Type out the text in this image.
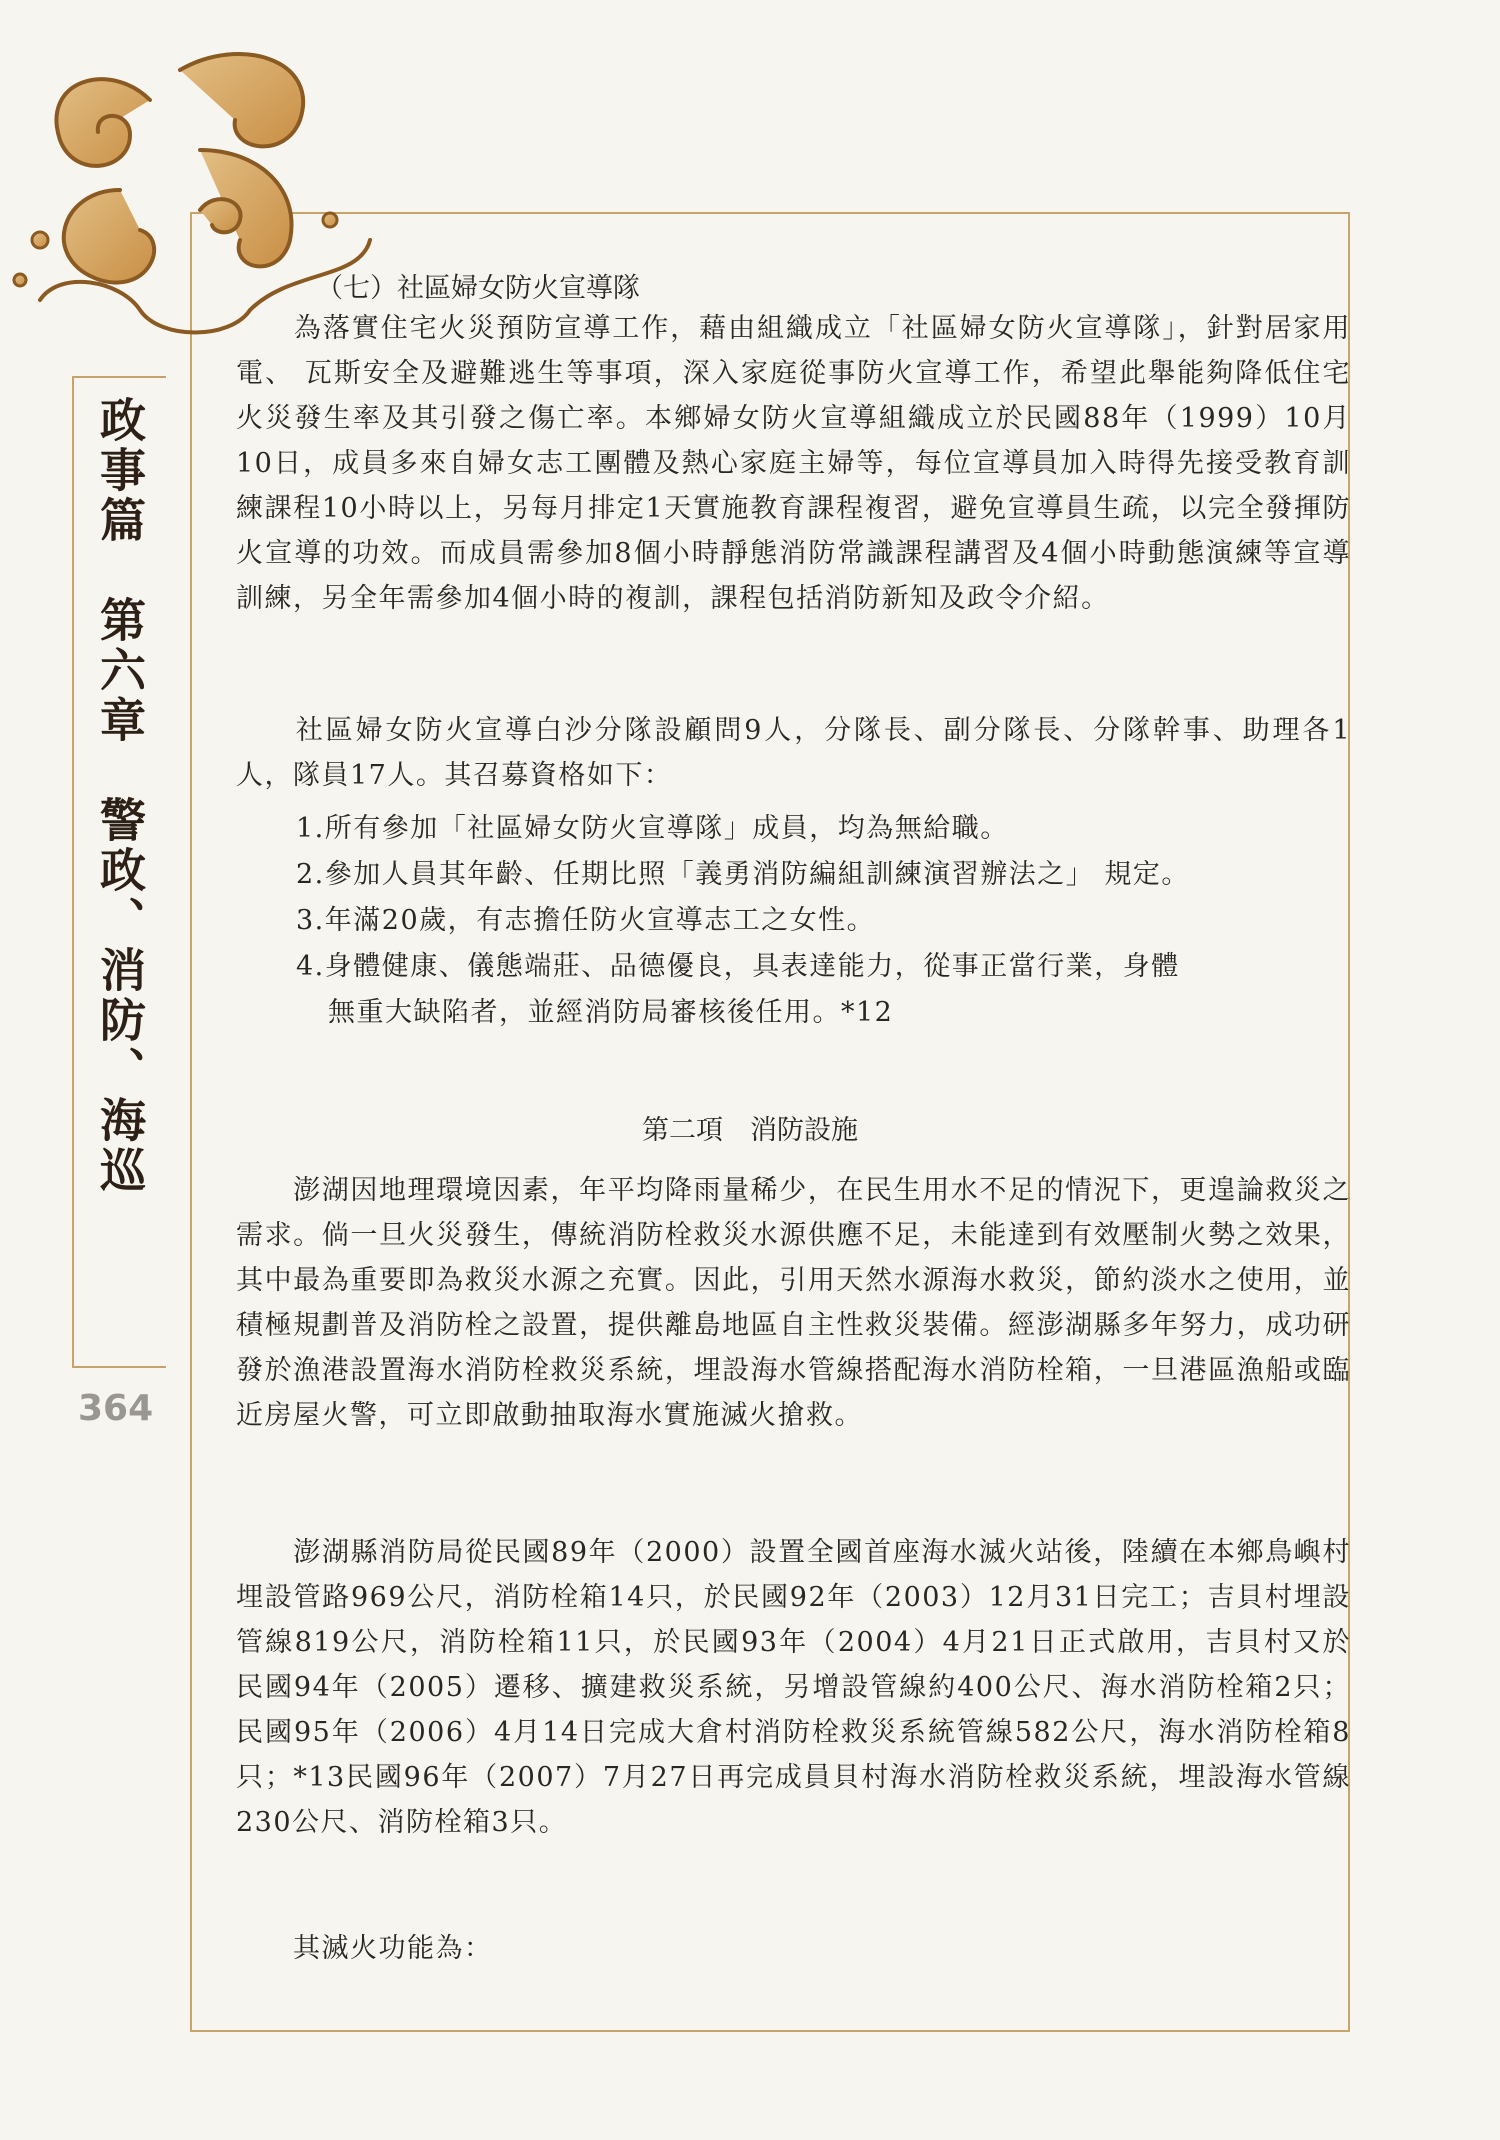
政事篇　第六章　警政、消防、海巡
364
（七）社區婦女防火宣導隊

　　為落實住宅火災預防宣導工作，藉由組織成立「社區婦女防火宣導隊」，針對居家用電、 瓦斯安全及避難逃生等事項，深入家庭從事防火宣導工作，希望此舉能夠降低住宅火災發生率及其引發之傷亡率。本鄉婦女防火宣導組織成立於民國88年（1999）10月10日，成員多來自婦女志工團體及熱心家庭主婦等，每位宣導員加入時得先接受教育訓練課程10小時以上，另每月排定1天實施教育課程複習，避免宣導員生疏，以完全發揮防火宣導的功效。而成員需參加8個小時靜態消防常識課程講習及4個小時動態演練等宣導訓練，另全年需參加4個小時的複訓，課程包括消防新知及政令介紹。

　　社區婦女防火宣導白沙分隊設顧問9人，分隊長、副分隊長、分隊幹事、助理各1人，隊員17人。其召募資格如下：

1.所有參加「社區婦女防火宣導隊」成員，均為無給職。

2.參加人員其年齡、任期比照「義勇消防編組訓練演習辦法之」 規定。

3.年滿20歲，有志擔任防火宣導志工之女性。

4.身體健康、儀態端莊、品德優良，具表達能力，從事正當行業，身體

無重大缺陷者，並經消防局審核後任用。*12

第二項　消防設施

　　澎湖因地理環境因素，年平均降雨量稀少，在民生用水不足的情況下，更遑論救災之需求。倘一旦火災發生，傳統消防栓救災水源供應不足，未能達到有效壓制火勢之效果，其中最為重要即為救災水源之充實。因此，引用天然水源海水救災，節約淡水之使用，並積極規劃普及消防栓之設置，提供離島地區自主性救災裝備。經澎湖縣多年努力，成功研發於漁港設置海水消防栓救災系統，埋設海水管線搭配海水消防栓箱，一旦港區漁船或臨近房屋火警，可立即啟動抽取海水實施滅火搶救。

　　澎湖縣消防局從民國89年（2000）設置全國首座海水滅火站後，陸續在本鄉鳥嶼村埋設管路969公尺，消防栓箱14只，於民國92年（2003）12月31日完工；吉貝村埋設管線819公尺，消防栓箱11只，於民國93年（2004）4月21日正式啟用，吉貝村又於民國94年（2005）遷移、擴建救災系統，另增設管線約400公尺、海水消防栓箱2只；民國95年（2006）4月14日完成大倉村消防栓救災系統管線582公尺，海水消防栓箱8只；*13民國96年（2007）7月27日再完成員貝村海水消防栓救災系統，埋設海水管線230公尺、消防栓箱3只。

　　其滅火功能為：
